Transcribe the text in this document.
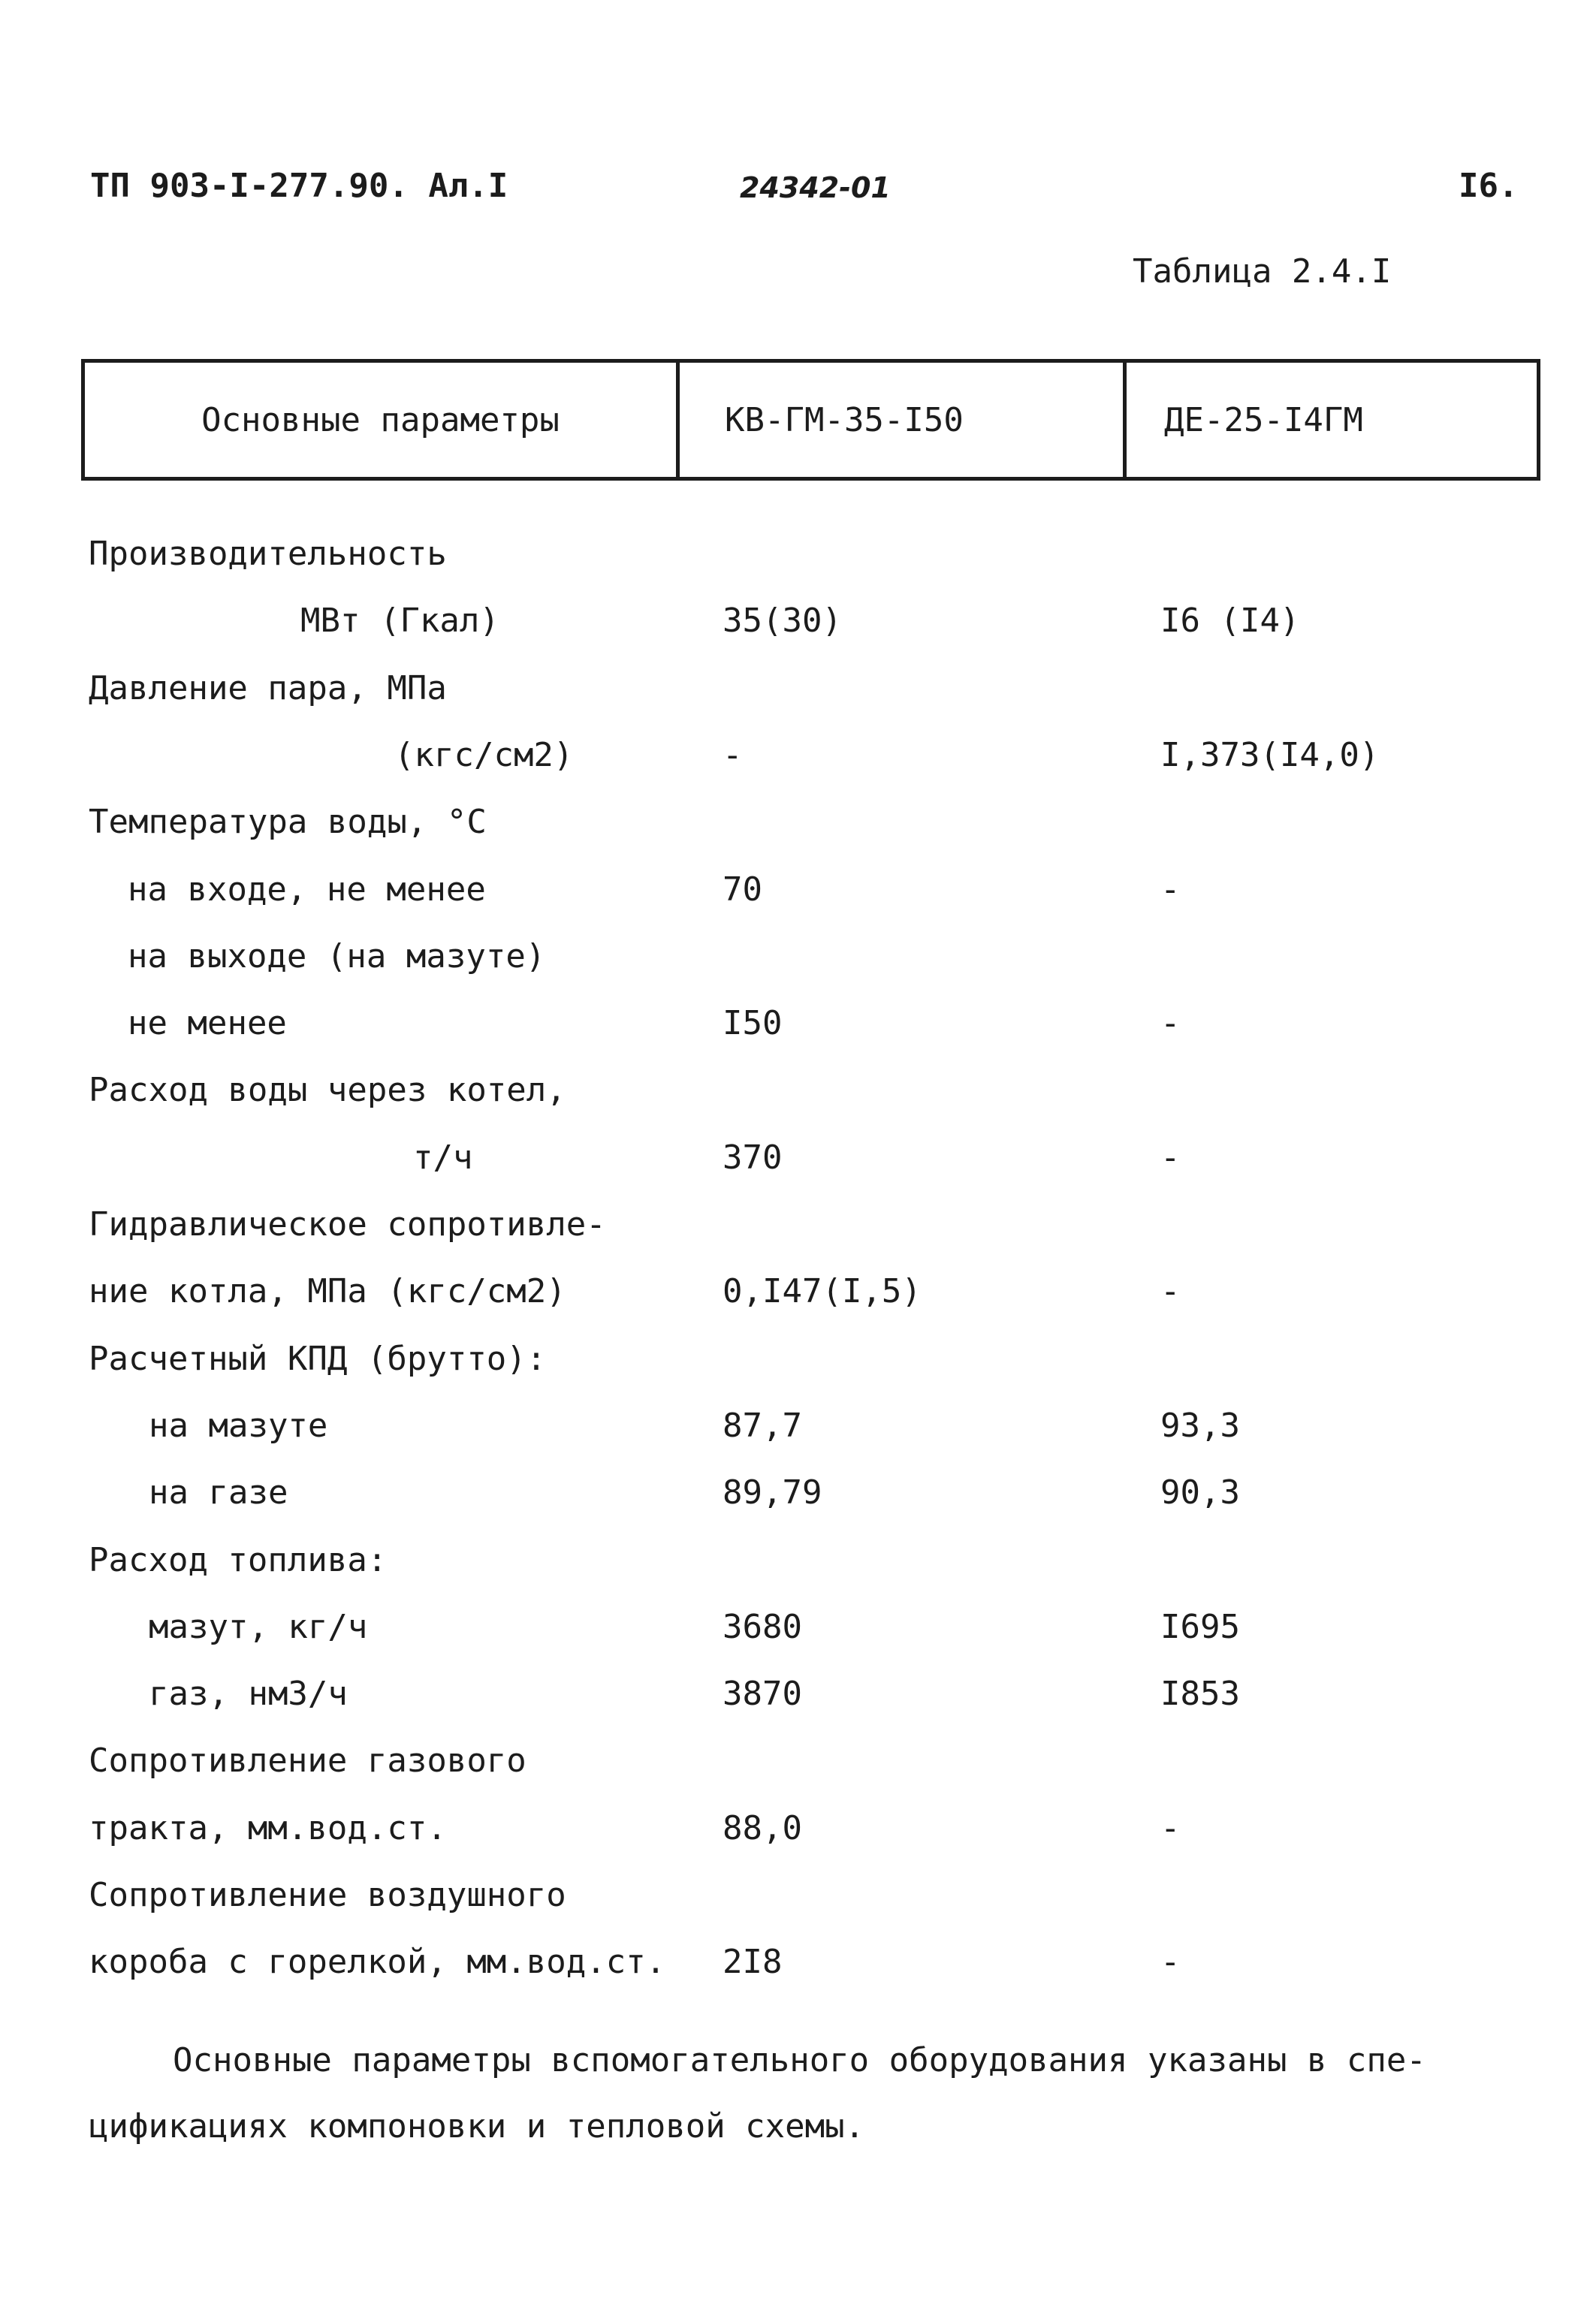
ТП 903-I-277.90. Ал.I	24342-01	I6.
Таблица 2.4.I
Основные параметры	КВ-ГМ-35-I50	ДЕ-25-I4ГМ
Производительность
МВт (Гкал)	35(30)	I6 (I4)
Давление пара, МПа
(кгс/см2)	-	I,373(I4,0)
Температура воды, °С
на входе, не менее	70	-
на выходе (на мазуте)
не менее	I50	-
Расход воды через котел,
т/ч	370	-
Гидравлическое сопротивле-
ние котла, МПа (кгс/см2)	0,I47(I,5)	-
Расчетный КПД (брутто):
на мазуте	87,7	93,3
на газе	89,79	90,3
Расход топлива:
мазут, кг/ч	3680	I695
газ, нм3/ч	3870	I853
Сопротивление газового
тракта, мм.вод.ст.	88,0	-
Сопротивление воздушного
короба с горелкой, мм.вод.ст. 2I8	-
Основные параметры вспомогательного оборудования указаны в спе-
цификациях компоновки и тепловой схемы.
